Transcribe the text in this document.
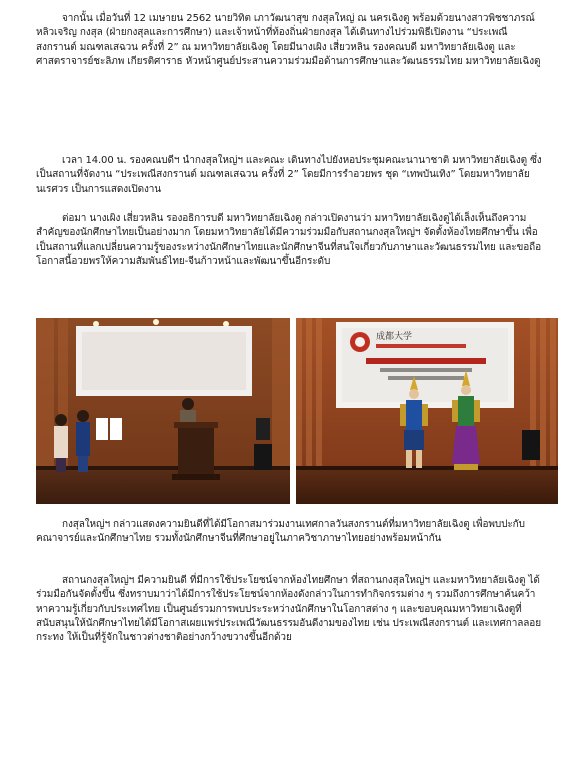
จากนั้น เมื่อวันที่ 12 เมษายน 2562 นายวิทิต เภาวัฒนาสุข กงสุลใหญ่ ณ นครเฉิงตู พร้อมด้วยนางสาวพิชชาภรณ์ หลิวเจริญ กงสุล (ฝ่ายกงสุลและการศึกษา) และเจ้าหน้าที่ท้องถิ่นฝ่ายกงสุล ได้เดินทางไปร่วมพิธีเปิดงาน “ประเพณีสงกรานต์ มณฑลเสฉวน ครั้งที่ 2” ณ มหาวิทยาลัยเฉิงตู โดยมีนางเผิง เสี่ยวหลิน รองคณบดี มหาวิทยาลัยเฉิงตู และศาสตราจารย์ชะลิภพ เกียรติศาราธ หัวหน้าศูนย์ประสานความร่วมมือด้านการศึกษาและวัฒนธรรมไทย มหาวิทยาลัยเฉิงตู
เวลา 14.00 น. รองคณบดีฯ นำกงสุลใหญ่ฯ และคณะ เดินทางไปยังหอประชุมคณะนานาชาติ มหาวิทยาลัยเฉิงตู ซึ่งเป็นสถานที่จัดงาน “ประเพณีสงกรานต์ มณฑลเสฉวน ครั้งที่ 2” โดยมีการรำอวยพร ชุด “เทพบันเทิง” โดยมหาวิทยาลัยนเรศวร เป็นการแสดงเปิดงาน
ต่อมา นางเผิง เสี่ยวหลิน รองอธิการบดี มหาวิทยาลัยเฉิงตู กล่าวเปิดงานว่า มหาวิทยาลัยเฉิงตูได้เล็งเห็นถึงความสำคัญของนักศึกษาไทยเป็นอย่างมาก โดยมหาวิทยาลัยได้มีความร่วมมือกับสถานกงสุลใหญ่ฯ จัดตั้งห้องไทยศึกษาขึ้น เพื่อเป็นสถานที่แลกเปลี่ยนความรู้ของระหว่างนักศึกษาไทยและนักศึกษาจีนที่สนใจเกี่ยวกับภาษาและวัฒนธรรมไทย และขอถือโอกาสนี้อวยพรให้ความสัมพันธ์ไทย-จีนก้าวหน้าและพัฒนาขึ้นอีกระดับ
成都大学
กงสุลใหญ่ฯ กล่าวแสดงความยินดีที่ได้มีโอกาสมาร่วมงานเทศกาลวันสงกรานต์ที่มหาวิทยาลัยเฉิงตู เพื่อพบปะกับคณาจารย์และนักศึกษาไทย รวมทั้งนักศึกษาจีนที่ศึกษาอยู่ในภาควิชาภาษาไทยอย่างพร้อมหน้ากัน
สถานกงสุลใหญ่ฯ มีความยินดี ที่มีการใช้ประโยชน์จากห้องไทยศึกษา ที่สถานกงสุลใหญ่ฯ และมหาวิทยาลัยเฉิงตู ได้ร่วมมือกันจัดตั้งขึ้น ซึ่งทราบมาว่าได้มีการใช้ประโยชน์จากห้องดังกล่าวในการทำกิจกรรมต่าง ๆ รวมถึงการศึกษาค้นคว้าหาความรู้เกี่ยวกับประเทศไทย เป็นศูนย์รวมการพบประระหว่างนักศึกษาในโอกาสต่าง ๆ และขอบคุณมหาวิทยาเฉิงตูที่สนับสนุนให้นักศึกษาไทยได้มีโอกาสเผยแพร่ประเพณีวัฒนธรรมอันดีงามของไทย เช่น ประเพณีสงกรานต์ และเทศกาลลอยกระทง ให้เป็นที่รู้จักในชาวต่างชาติอย่างกว้างขวางขึ้นอีกด้วย
